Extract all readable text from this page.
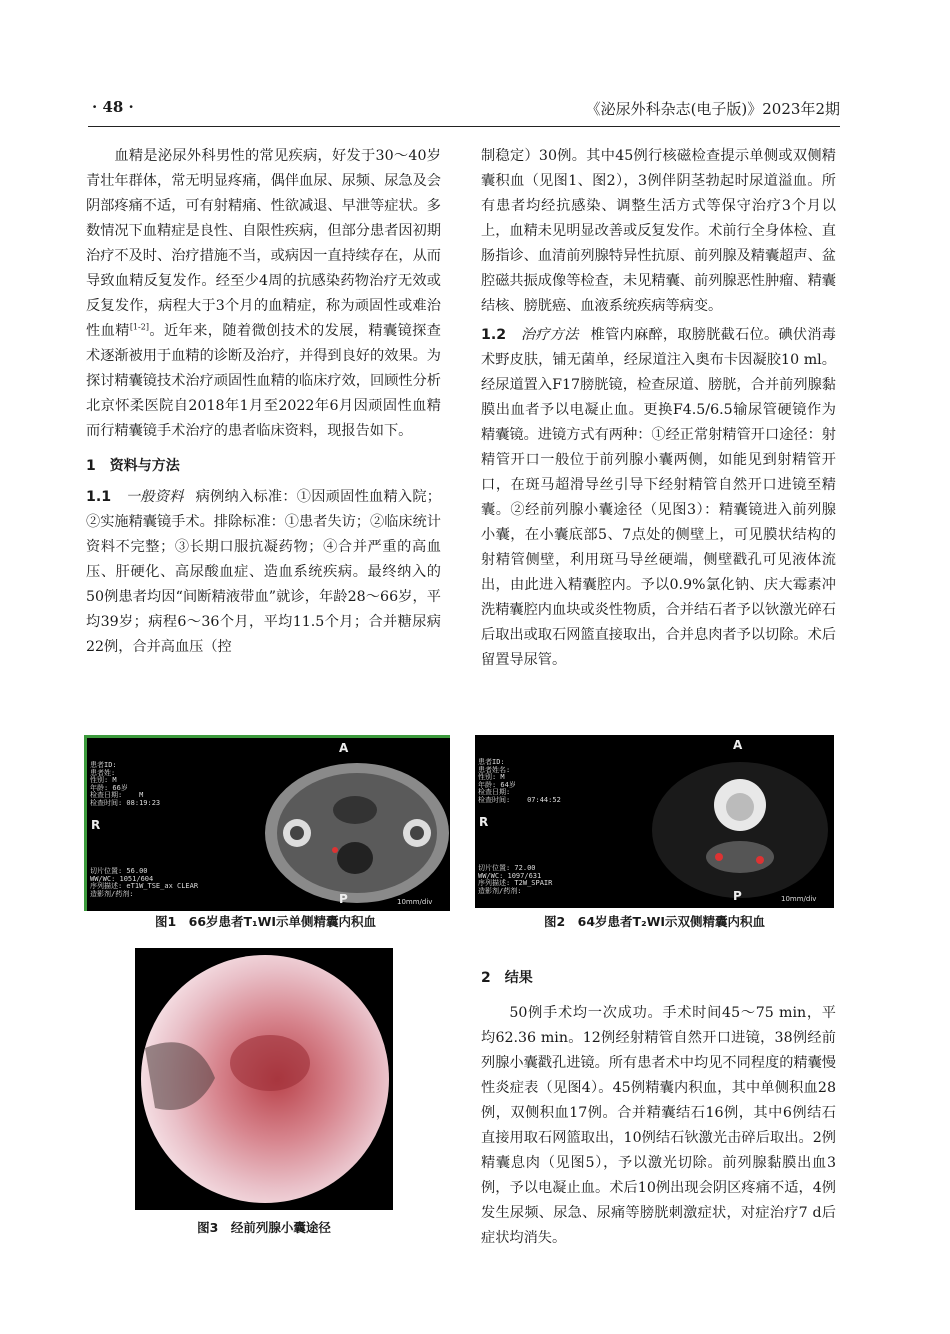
· 48 ·	《泌尿外科杂志(电子版)》2023年2期

血精是泌尿外科男性的常见疾病，好发于30～40岁青壮年群体，常无明显疼痛，偶伴血尿、尿频、尿急及会阴部疼痛不适，可有射精痛、性欲减退、早泄等症状。多数情况下血精症是良性、自限性疾病，但部分患者因初期治疗不及时、治疗措施不当，或病因一直持续存在，从而导致血精反复发作。经至少4周的抗感染药物治疗无效或反复发作，病程大于3个月的血精症，称为顽固性或难治性血精[1-2]。近年来，随着微创技术的发展，精囊镜探查术逐渐被用于血精的诊断及治疗，并得到良好的效果。为探讨精囊镜技术治疗顽固性血精的临床疗效，回顾性分析北京怀柔医院自2018年1月至2022年6月因顽固性血精而行精囊镜手术治疗的患者临床资料，现报告如下。

1　资料与方法

1.1　 一般资料 病例纳入标准：①因顽固性血精入院；②实施精囊镜手术。排除标准：①患者失访；②临床统计资料不完整；③长期口服抗凝药物；④合并严重的高血压、肝硬化、高尿酸血症、造血系统疾病。最终纳入的50例患者均因“间断精液带血”就诊，年龄28～66岁，平均39岁；病程6～36个月，平均11.5个月；合并糖尿病22例，合并高血压（控

制稳定）30例。其中45例行核磁检查提示单侧或双侧精囊积血（见图1、图2），3例伴阴茎勃起时尿道溢血。所有患者均经抗感染、调整生活方式等保守治疗3个月以上，血精未见明显改善或反复发作。术前行全身体检、直肠指诊、血清前列腺特异性抗原、前列腺及精囊超声、盆腔磁共振成像等检查，未见精囊、前列腺恶性肿瘤、精囊结核、膀胱癌、血液系统疾病等病变。

1.2　 治疗方法 椎管内麻醉，取膀胱截石位。碘伏消毒术野皮肤，铺无菌单，经尿道注入奥布卡因凝胶10 ml。经尿道置入F17膀胱镜，检查尿道、膀胱，合并前列腺黏膜出血者予以电凝止血。更换F4.5/6.5输尿管硬镜作为精囊镜。进镜方式有两种：①经正常射精管开口途径：射精管开口一般位于前列腺小囊两侧，如能见到射精管开口，在斑马超滑导丝引导下经射精管自然开口进镜至精囊。②经前列腺小囊途径（见图3）：精囊镜进入前列腺小囊，在小囊底部5、7点处的侧壁上，可见膜状结构的射精管侧壁，利用斑马导丝硬端，侧壁戳孔可见液体流出，由此进入精囊腔内。予以0.9%氯化钠、庆大霉素冲洗精囊腔内血块或炎性物质，合并结石者予以钬激光碎石后取出或取石网篮直接取出，合并息肉者予以切除。术后留置导尿管。

患者ID:
患者姓:
性别: M
年龄: 66岁
检查日期:    M
检查时间: 08:19:23
切片位置: 56.00
WW/WC: 1051/604
序列描述: eT1W_TSE_ax CLEAR
造影剂/药剂:
A
R
P	10mm/div
图1　66岁患者T₁WI示单侧精囊内积血
患者ID:
患者姓名:
性别: M
年龄: 64岁
检查日期:
检查时间:    07:44:52
切片位置: 72.00
WW/WC: 1097/631
序列描述: T2W_SPAIR
造影剂/药剂:
A
R
P	10mm/div
图2　64岁患者T₂WI示双侧精囊内积血
图3　经前列腺小囊途径
2　结果

50例手术均一次成功。手术时间45～75 min，平均62.36 min。12例经射精管自然开口进镜，38例经前列腺小囊戳孔进镜。所有患者术中均见不同程度的精囊慢性炎症表（见图4）。45例精囊内积血，其中单侧积血28例，双侧积血17例。合并精囊结石16例，其中6例结石直接用取石网篮取出，10例结石钬激光击碎后取出。2例精囊息肉（见图5），予以激光切除。前列腺黏膜出血3例，予以电凝止血。术后10例出现会阴区疼痛不适，4例发生尿频、尿急、尿痛等膀胱刺激症状，对症治疗7 d后症状均消失。
